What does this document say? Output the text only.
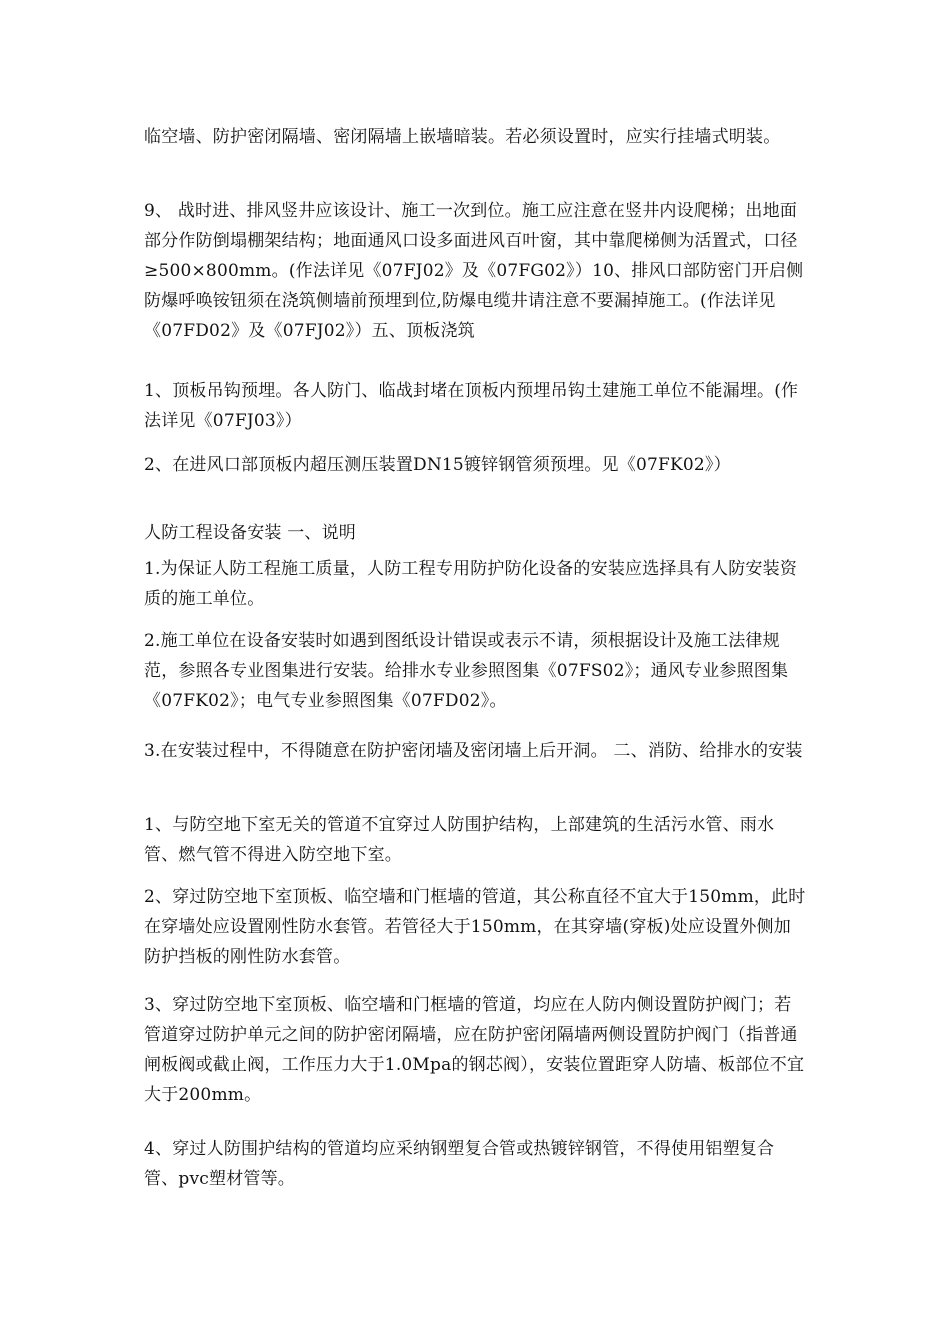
临空墙、防护密闭隔墙、密闭隔墙上嵌墙暗装。若必须设置时，应实行挂墙式明装。

9、 战时进、排风竖井应该设计、施工一次到位。施工应注意在竖井内设爬梯；出地面部分作防倒塌棚架结构；地面通风口设多面进风百叶窗，其中靠爬梯侧为活置式，口径≥500×800mm。(作法详见《07FJ02》及《07FG02》）10、排风口部防密门开启侧防爆呼唤铵钮须在浇筑侧墙前预埋到位,防爆电缆井请注意不要漏掉施工。(作法详见《07FD02》及《07FJ02》）五、顶板浇筑

1、顶板吊钩预埋。各人防门、临战封堵在顶板内预埋吊钩土建施工单位不能漏埋。(作法详见《07FJ03》）

2、在进风口部顶板内超压测压装置DN15镀锌钢管须预埋。见《07FK02》）

人防工程设备安装 一、说明

1.为保证人防工程施工质量，人防工程专用防护防化设备的安装应选择具有人防安装资质的施工单位。

2.施工单位在设备安装时如遇到图纸设计错误或表示不请，须根据设计及施工法律规范，参照各专业图集进行安装。给排水专业参照图集《07FS02》；通风专业参照图集《07FK02》；电气专业参照图集《07FD02》。

3.在安装过程中，不得随意在防护密闭墙及密闭墙上后开洞。 二、消防、给排水的安装

1、与防空地下室无关的管道不宜穿过人防围护结构，上部建筑的生活污水管、雨水管、燃气管不得进入防空地下室。

2、穿过防空地下室顶板、临空墙和门框墙的管道，其公称直径不宜大于150mm，此时在穿墙处应设置刚性防水套管。若管径大于150mm，在其穿墙(穿板)处应设置外侧加防护挡板的刚性防水套管。

3、穿过防空地下室顶板、临空墙和门框墙的管道，均应在人防内侧设置防护阀门；若管道穿过防护单元之间的防护密闭隔墙，应在防护密闭隔墙两侧设置防护阀门（指普通闸板阀或截止阀，工作压力大于1.0Mpa的钢芯阀），安装位置距穿人防墙、板部位不宜大于200mm。

4、穿过人防围护结构的管道均应采纳钢塑复合管或热镀锌钢管，不得使用铝塑复合管、pvc塑材管等。
